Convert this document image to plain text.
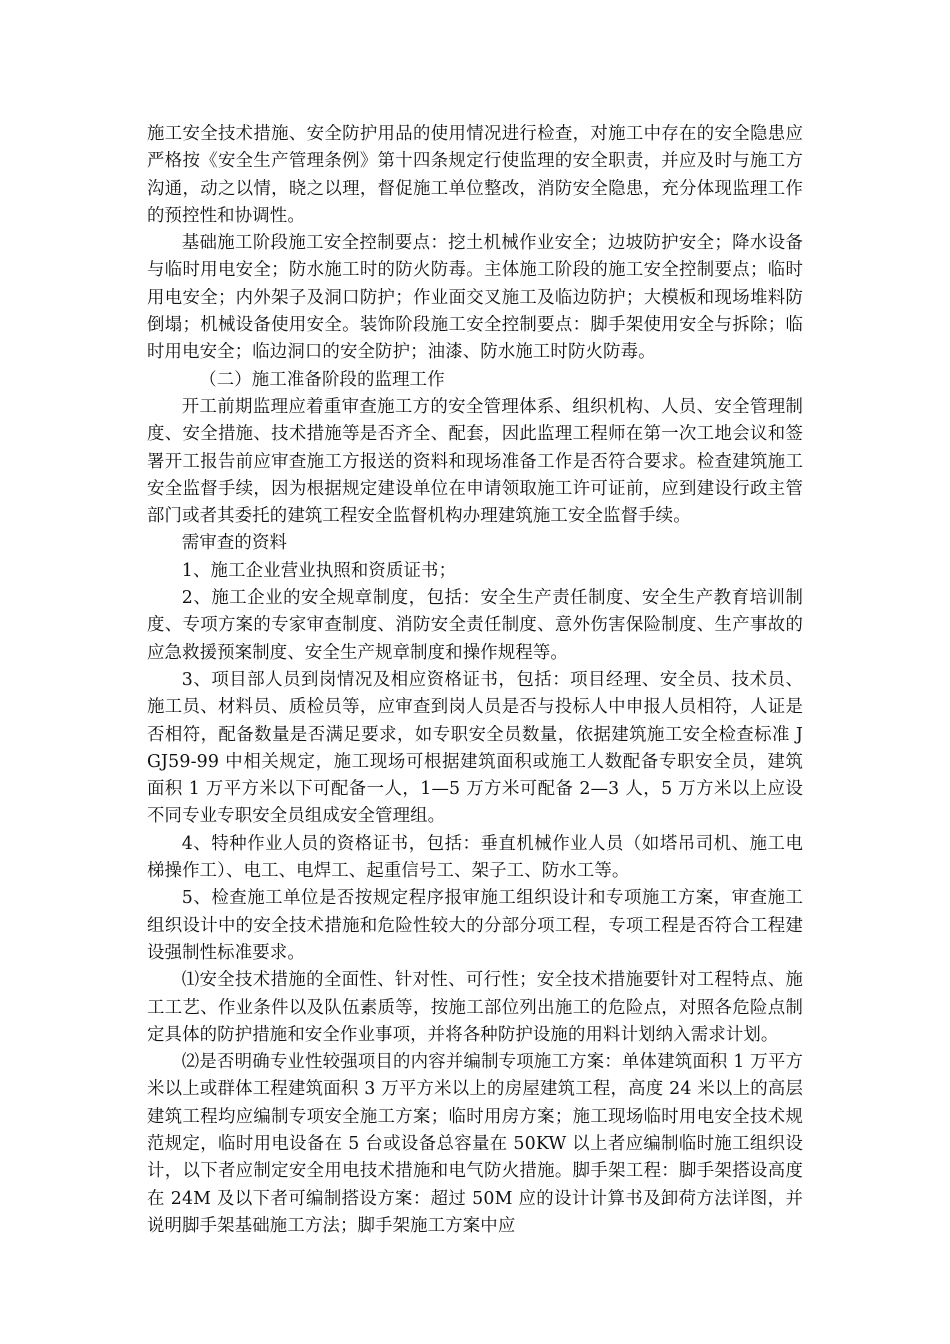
施工安全技术措施、安全防护用品的使用情况进行检查，对施工中存在的安全隐患应严格按《安全生产管理条例》第十四条规定行使监理的安全职责，并应及时与施工方沟通，动之以情，晓之以理，督促施工单位整改，消防安全隐患，充分体现监理工作的预控性和协调性。

基础施工阶段施工安全控制要点：挖土机械作业安全；边坡防护安全；降水设备与临时用电安全；防水施工时的防火防毒。主体施工阶段的施工安全控制要点；临时用电安全；内外架子及洞口防护；作业面交叉施工及临边防护；大模板和现场堆料防倒塌；机械设备使用安全。装饰阶段施工安全控制要点：脚手架使用安全与拆除；临时用电安全；临边洞口的安全防护；油漆、防水施工时防火防毒。

（二）施工准备阶段的监理工作

开工前期监理应着重审查施工方的安全管理体系、组织机构、人员、安全管理制度、安全措施、技术措施等是否齐全、配套，因此监理工程师在第一次工地会议和签署开工报告前应审查施工方报送的资料和现场准备工作是否符合要求。检查建筑施工安全监督手续，因为根据规定建设单位在申请领取施工许可证前，应到建设行政主管部门或者其委托的建筑工程安全监督机构办理建筑施工安全监督手续。

需审查的资料

1、施工企业营业执照和资质证书；

2、施工企业的安全规章制度，包括：安全生产责任制度、安全生产教育培训制度、专项方案的专家审查制度、消防安全责任制度、意外伤害保险制度、生产事故的应急救援预案制度、安全生产规章制度和操作规程等。

3、项目部人员到岗情况及相应资格证书，包括：项目经理、安全员、技术员、施工员、材料员、质检员等，应审查到岗人员是否与投标人中申报人员相符，人证是否相符，配备数量是否满足要求，如专职安全员数量，依据建筑施工安全检查标准 JGJ59-99 中相关规定，施工现场可根据建筑面积或施工人数配备专职安全员，建筑面积 1 万平方米以下可配备一人，1—5 万方米可配备 2—3 人，5 万方米以上应设不同专业专职安全员组成安全管理组。

4、特种作业人员的资格证书，包括：垂直机械作业人员（如塔吊司机、施工电梯操作工）、电工、电焊工、起重信号工、架子工、防水工等。

5、检查施工单位是否按规定程序报审施工组织设计和专项施工方案，审查施工组织设计中的安全技术措施和危险性较大的分部分项工程，专项工程是否符合工程建设强制性标准要求。

⑴安全技术措施的全面性、针对性、可行性；安全技术措施要针对工程特点、施工工艺、作业条件以及队伍素质等，按施工部位列出施工的危险点，对照各危险点制定具体的防护措施和安全作业事项，并将各种防护设施的用料计划纳入需求计划。

⑵是否明确专业性较强项目的内容并编制专项施工方案：单体建筑面积 1 万平方米以上或群体工程建筑面积 3 万平方米以上的房屋建筑工程，高度 24 米以上的高层建筑工程均应编制专项安全施工方案；临时用房方案；施工现场临时用电安全技术规范规定，临时用电设备在 5 台或设备总容量在 50KW 以上者应编制临时施工组织设计，以下者应制定安全用电技术措施和电气防火措施。脚手架工程：脚手架搭设高度在 24M 及以下者可编制搭设方案：超过 50M 应的设计计算书及卸荷方法详图，并说明脚手架基础施工方法；脚手架施工方案中应
